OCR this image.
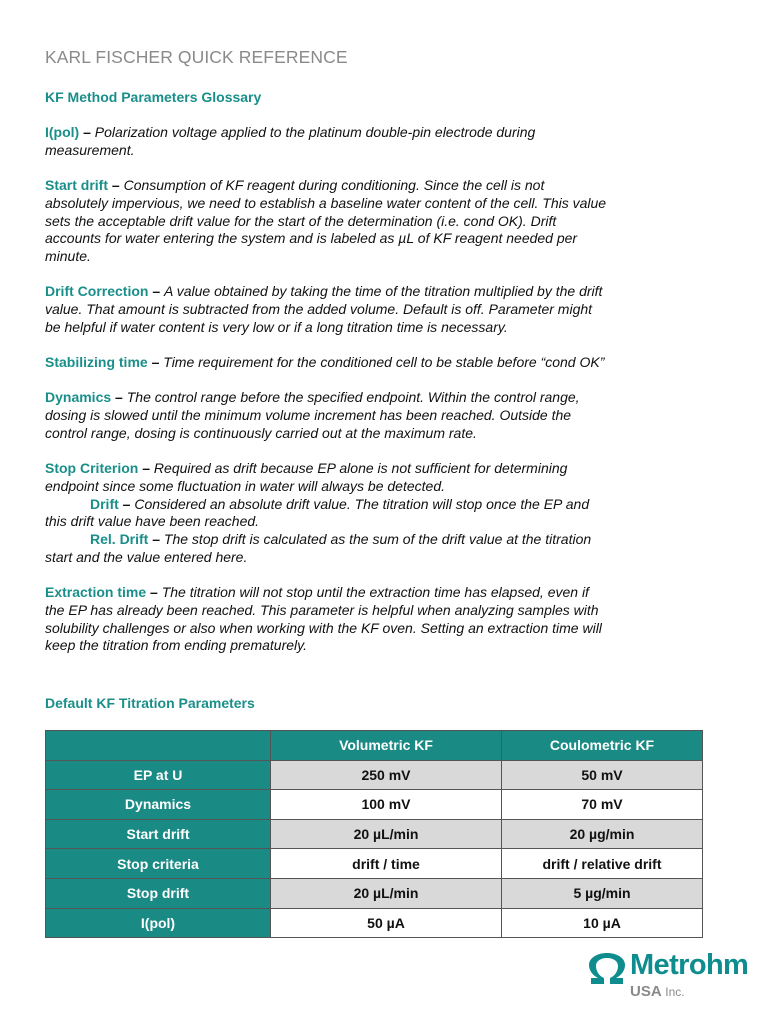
KARL FISCHER QUICK REFERENCE
KF Method Parameters Glossary

I(pol) – Polarization voltage applied to the platinum double-pin electrode during
measurement.

Start drift – Consumption of KF reagent during conditioning. Since the cell is not
absolutely impervious, we need to establish a baseline water content of the cell. This value
sets the acceptable drift value for the start of the determination (i.e. cond OK). Drift
accounts for water entering the system and is labeled as µL of KF reagent needed per
minute.

Drift Correction – A value obtained by taking the time of the titration multiplied by the drift
value. That amount is subtracted from the added volume. Default is off. Parameter might
be helpful if water content is very low or if a long titration time is necessary.

Stabilizing time – Time requirement for the conditioned cell to be stable before “cond OK”

Dynamics – The control range before the specified endpoint. Within the control range,
dosing is slowed until the minimum volume increment has been reached. Outside the
control range, dosing is continuously carried out at the maximum rate.

Stop Criterion – Required as drift because EP alone is not sufficient for determining
endpoint since some fluctuation in water will always be detected.

Drift – Considered an absolute drift value. The titration will stop once the EP and
this drift value have been reached.

Rel. Drift – The stop drift is calculated as the sum of the drift value at the titration
start and the value entered here.

Extraction time – The titration will not stop until the extraction time has elapsed, even if
the EP has already been reached. This parameter is helpful when analyzing samples with
solubility challenges or also when working with the KF oven. Setting an extraction time will
keep the titration from ending prematurely.

Default KF Titration Parameters
	Volumetric KF	Coulometric KF
EP at U	250 mV	50 mV
Dynamics	100 mV	70 mV
Start drift	20 µL/min	20 µg/min
Stop criteria	drift / time	drift / relative drift
Stop drift	20 µL/min	5 µg/min
I(pol)	50 µA	10 µA
Metrohm
USA Inc.
